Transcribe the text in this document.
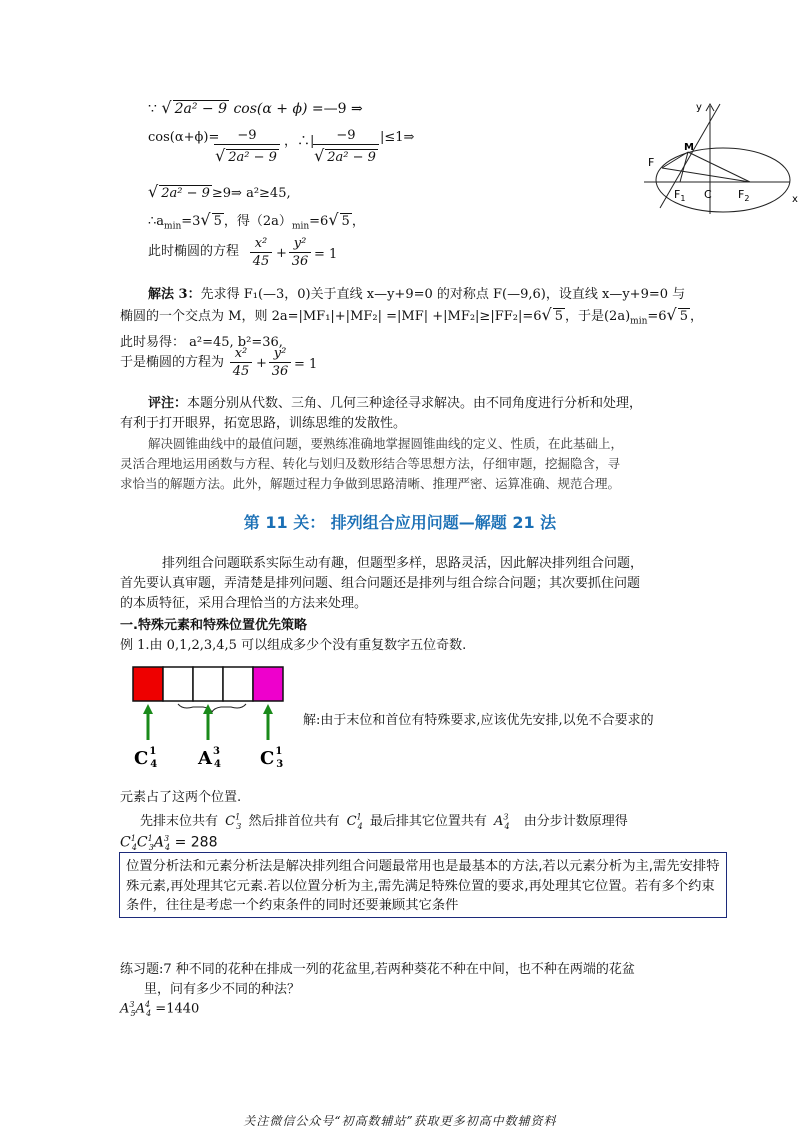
∵ √ 2a² − 9 cos(α + ϕ) =—9 ⇒
cos(α+ϕ)=
$\frac{-9}{\text{√ 2a² − 9}}$ ，∴|
$\frac{-9}{\text{√ 2a² − 9}}$ |≤1⇒
√ 2a² − 9 ≥9⇒ a²≥45,
$\therefore a_{min}=3√$ 5 ，得$(2a)_{min}=6√$ 5 ，
此时椭圆的方程 $\frac{\text{x²}}{45} + \frac{\text{y²}}{36} = 1$
y
x
F
M
$F_1$ C $F_2$
解法 3：先求得 F₁(—3，0)关于直线 x—y+9=0 的对称点 F(—9,6)，设直线 x—y+9=0 与
椭圆的一个交点为 M，则 2a=|MF₁|+|MF₂| =|MF| +|MF₂|≥|FF₂|=6√ 5 ，于是$(2a)_{min}=6√$ 5 ，
此时易得： a²=45, b²=36,
于是椭圆的方程为 $\frac{\text{x²}}{45} + \frac{\text{y²}}{36} = 1$
评注：本题分别从代数、三角、几何三种途径寻求解决。由不同角度进行分析和处理，
有利于打开眼界，拓宽思路，训练思维的发散性。
解决圆锥曲线中的最值问题，要熟练准确地掌握圆锥曲线的定义、性质，在此基础上，
灵活合理地运用函数与方程、转化与划归及数形结合等思想方法，仔细审题，挖掘隐含，寻
求恰当的解题方法。此外，解题过程力争做到思路清晰、推理严密、运算准确、规范合理。
第 11 关： 排列组合应用问题—解题 21 法
排列组合问题联系实际生动有趣，但题型多样，思路灵活，因此解决排列组合问题，
首先要认真审题，弄清楚是排列问题、组合问题还是排列与组合综合问题；其次要抓住问题
的本质特征，采用合理恰当的方法来处理。
一.特殊元素和特殊位置优先策略
例 1.由 0,1,2,3,4,5 可以组成多少个没有重复数字五位奇数.
$C^1$ 4 $A^3$ 4 $C^1$ 3
解:由于末位和首位有特殊要求,应该优先安排,以免不合要求的
元素占了这两个位置.
先排末位共有 $C^1_3$ 然后排首位共有 $C^1_4$ 最后排其它位置共有 $A^3_4$ 由分步计数原理得
$C^1_4C^1_3A^3_4 = 288$
位置分析法和元素分析法是解决排列组合问题最常用也是最基本的方法,若以元素分析为主,需先安排特殊元素,再处理其它元素.若以位置分析为主,需先满足特殊位置的要求,再处理其它位置。若有多个约束条件，往往是考虑一个约束条件的同时还要兼顾其它条件
练习题:7 种不同的花种在排成一列的花盆里,若两种葵花不种在中间，也不种在两端的花盆
里，问有多少不同的种法？
$A^3_5A^4_4 =1440$
关注微信公众号“初高数辅站”获取更多初高中数辅资料
